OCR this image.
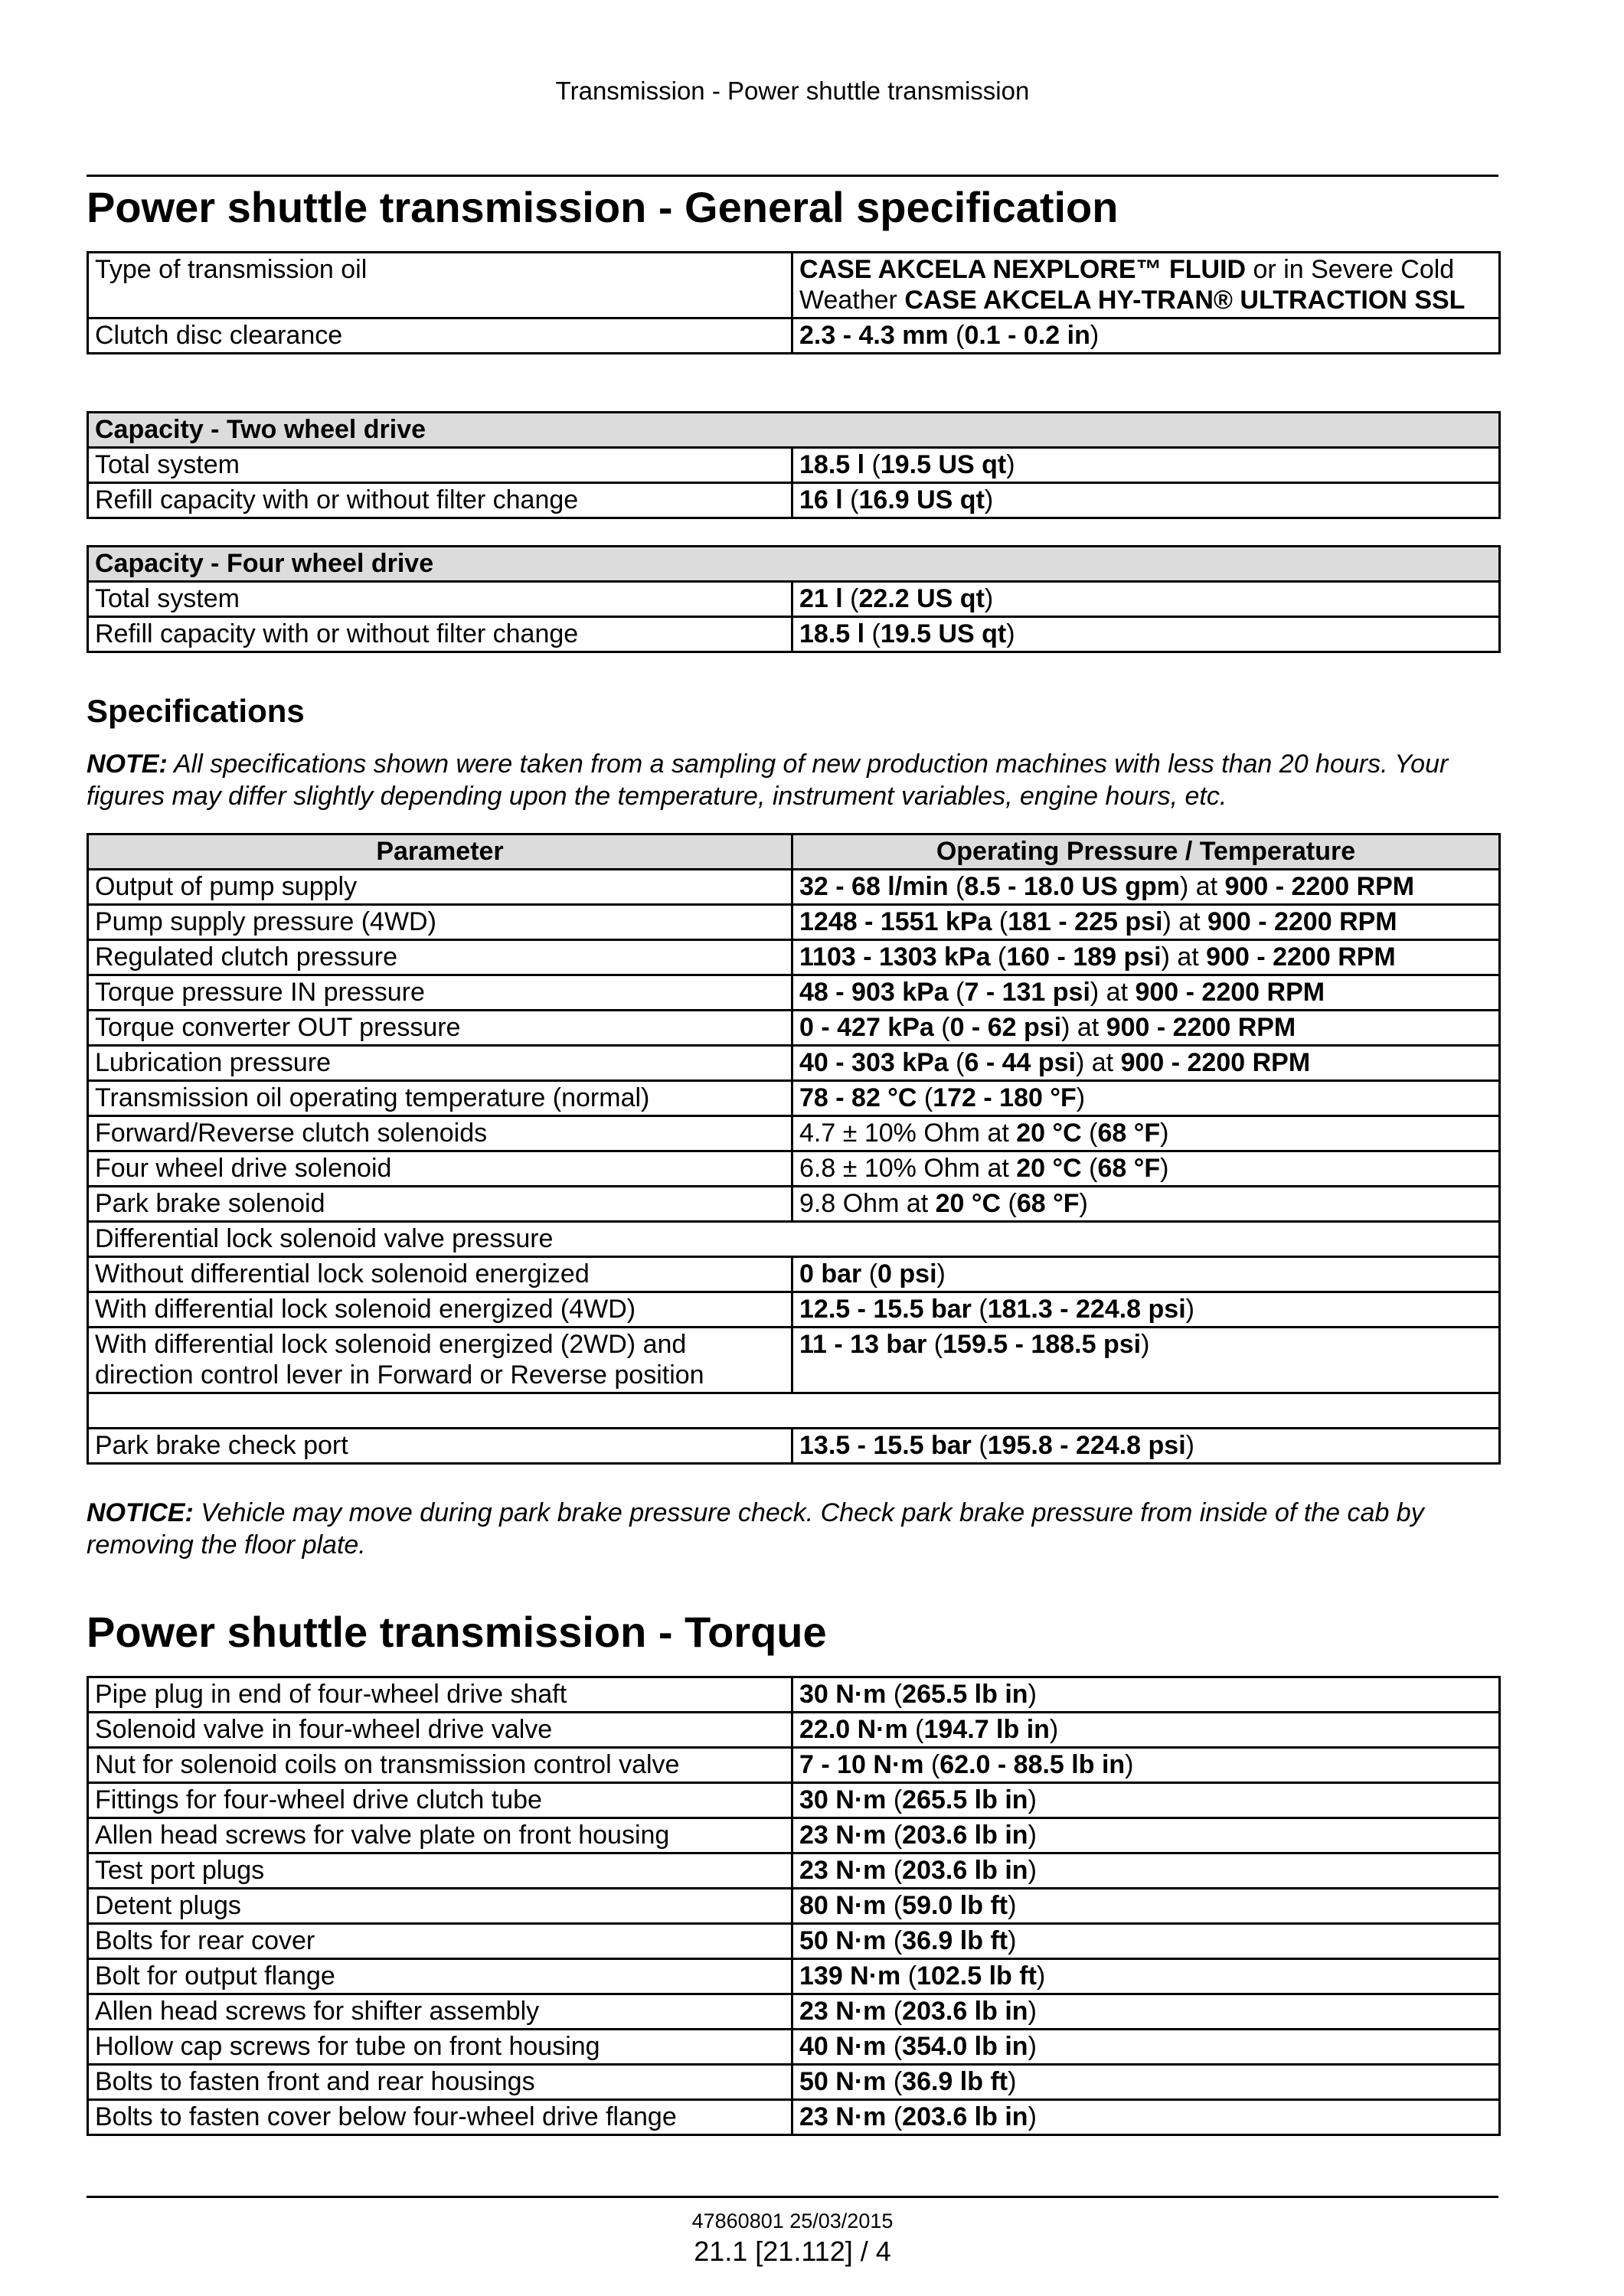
Transmission - Power shuttle transmission
Power shuttle transmission - General specification
Type of transmission oil	CASE AKCELA NEXPLORE™ FLUID or in Severe Cold Weather CASE AKCELA HY-TRAN® ULTRACTION SSL
Clutch disc clearance	2.3 - 4.3 mm (0.1 - 0.2 in)
Capacity - Two wheel drive	
Total system	18.5 l (19.5 US qt)
Refill capacity with or without filter change	16 l (16.9 US qt)
Capacity - Four wheel drive	
Total system	21 l (22.2 US qt)
Refill capacity with or without filter change	18.5 l (19.5 US qt)
Specifications

NOTE: All specifications shown were taken from a sampling of new production machines with less than 20 hours. Your figures may differ slightly depending upon the temperature, instrument variables, engine hours, etc.

Parameter	Operating Pressure / Temperature
Output of pump supply	32 - 68 l/min (8.5 - 18.0 US gpm) at 900 - 2200 RPM
Pump supply pressure (4WD)	1248 - 1551 kPa (181 - 225 psi) at 900 - 2200 RPM
Regulated clutch pressure	1103 - 1303 kPa (160 - 189 psi) at 900 - 2200 RPM
Torque pressure IN pressure	48 - 903 kPa (7 - 131 psi) at 900 - 2200 RPM
Torque converter OUT pressure	0 - 427 kPa (0 - 62 psi) at 900 - 2200 RPM
Lubrication pressure	40 - 303 kPa (6 - 44 psi) at 900 - 2200 RPM
Transmission oil operating temperature (normal)	78 - 82 °C (172 - 180 °F)
Forward/Reverse clutch solenoids	4.7 ± 10% Ohm at 20 °C (68 °F)
Four wheel drive solenoid	6.8 ± 10% Ohm at 20 °C (68 °F)
Park brake solenoid	9.8 Ohm at 20 °C (68 °F)
Differential lock solenoid valve pressure	
Without differential lock solenoid energized	0 bar (0 psi)
With differential lock solenoid energized (4WD)	12.5 - 15.5 bar (181.3 - 224.8 psi)
With differential lock solenoid energized (2WD) and direction control lever in Forward or Reverse position	11 - 13 bar (159.5 - 188.5 psi)

Park brake check port	13.5 - 15.5 bar (195.8 - 224.8 psi)

NOTICE: Vehicle may move during park brake pressure check. Check park brake pressure from inside of the cab by removing the floor plate.

Power shuttle transmission - Torque
Pipe plug in end of four-wheel drive shaft	30 N·m (265.5 lb in)
Solenoid valve in four-wheel drive valve	22.0 N·m (194.7 lb in)
Nut for solenoid coils on transmission control valve	7 - 10 N·m (62.0 - 88.5 lb in)
Fittings for four-wheel drive clutch tube	30 N·m (265.5 lb in)
Allen head screws for valve plate on front housing	23 N·m (203.6 lb in)
Test port plugs	23 N·m (203.6 lb in)
Detent plugs	80 N·m (59.0 lb ft)
Bolts for rear cover	50 N·m (36.9 lb ft)
Bolt for output flange	139 N·m (102.5 lb ft)
Allen head screws for shifter assembly	23 N·m (203.6 lb in)
Hollow cap screws for tube on front housing	40 N·m (354.0 lb in)
Bolts to fasten front and rear housings	50 N·m (36.9 lb ft)
Bolts to fasten cover below four-wheel drive flange	23 N·m (203.6 lb in)
47860801 25/03/2015
21.1 [21.112] / 4
